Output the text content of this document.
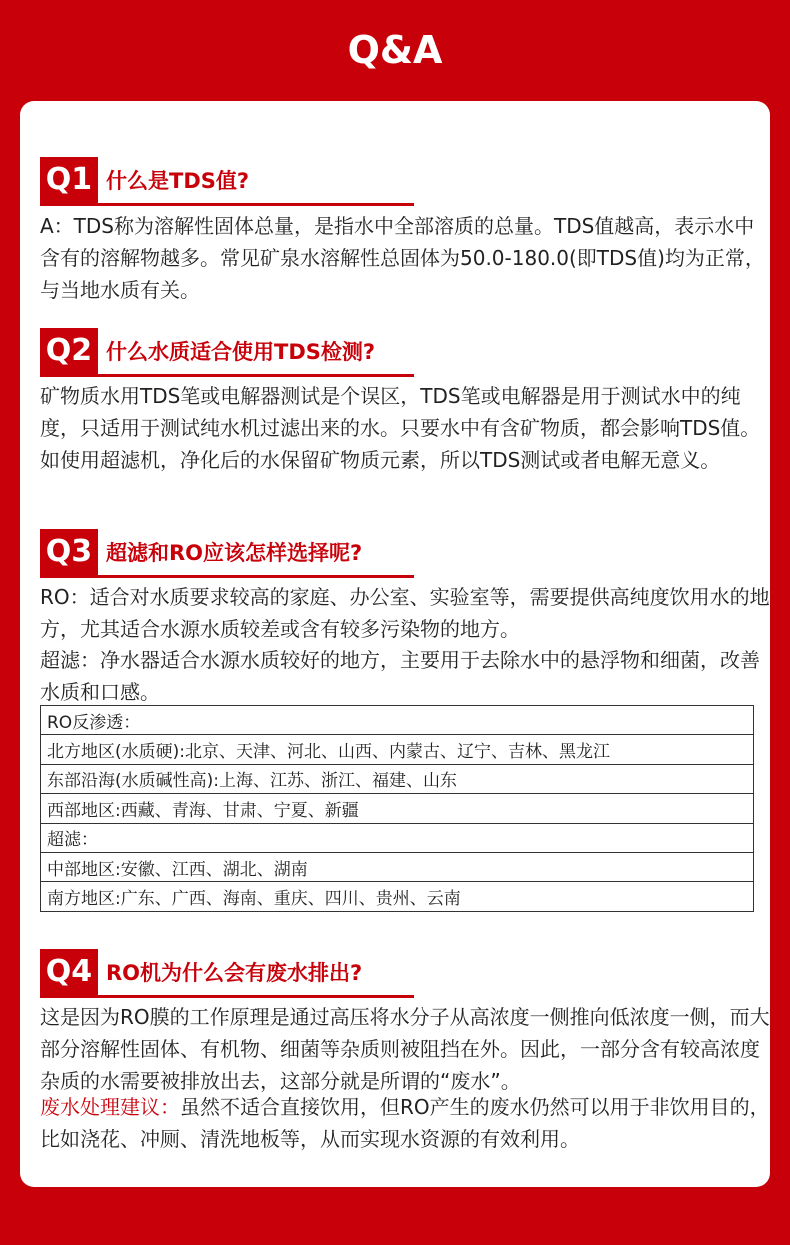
Q&A
Q1 什么是TDS值?

A：TDS称为溶解性固体总量，是指水中全部溶质的总量。TDS值越高，表示水中含有的溶解物越多。常见矿泉水溶解性总固体为50.0-180.0(即TDS值)均为正常，与当地水质有关。

Q2 什么水质适合使用TDS检测?

矿物质水用TDS笔或电解器测试是个误区，TDS笔或电解器是用于测试水中的纯度，只适用于测试纯水机过滤出来的水。只要水中有含矿物质，都会影响TDS值。如使用超滤机，净化后的水保留矿物质元素，所以TDS测试或者电解无意义。

Q3 超滤和RO应该怎样选择呢?

RO：适合对水质要求较高的家庭、办公室、实验室等，需要提供高纯度饮用水的地方，尤其适合水源水质较差或含有较多污染物的地方。

超滤：净水器适合水源水质较好的地方，主要用于去除水中的悬浮物和细菌，改善水质和口感。

RO反渗透：
北方地区(水质硬):北京、天津、河北、山西、内蒙古、辽宁、吉林、黑龙江
东部沿海(水质碱性高):上海、江苏、浙江、福建、山东
西部地区:西藏、青海、甘肃、宁夏、新疆
超滤：
中部地区:安徽、江西、湖北、湖南
南方地区:广东、广西、海南、重庆、四川、贵州、云南
Q4 RO机为什么会有废水排出?

这是因为RO膜的工作原理是通过高压将水分子从高浓度一侧推向低浓度一侧，而大部分溶解性固体、有机物、细菌等杂质则被阻挡在外。因此，一部分含有较高浓度杂质的水需要被排放出去，这部分就是所谓的“废水”。

废水处理建议：虽然不适合直接饮用，但RO产生的废水仍然可以用于非饮用目的，比如浇花、冲厕、清洗地板等，从而实现水资源的有效利用。
